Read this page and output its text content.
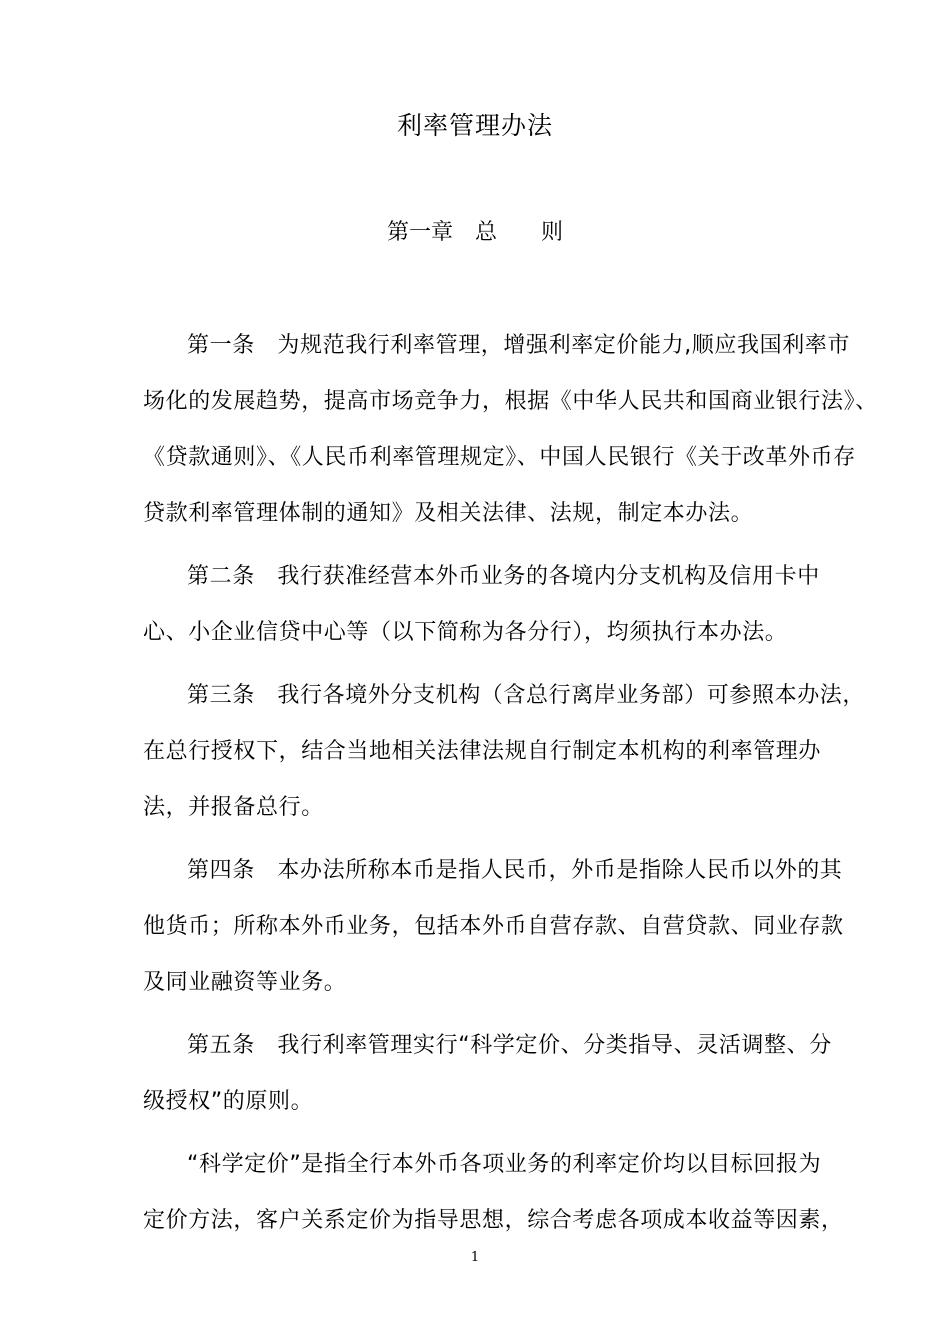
利率管理办法
第一章 总 则
第一条　为规范我行利率管理，增强利率定价能力,顺应我国利率市
场化的发展趋势，提高市场竞争力，根据《中华人民共和国商业银行法》、
《贷款通则》、《人民币利率管理规定》、中国人民银行《关于改革外币存
贷款利率管理体制的通知》及相关法律、法规，制定本办法。
第二条　我行获准经营本外币业务的各境内分支机构及信用卡中
心、小企业信贷中心等（以下简称为各分行），均须执行本办法。
第三条　我行各境外分支机构（含总行离岸业务部）可参照本办法，
在总行授权下，结合当地相关法律法规自行制定本机构的利率管理办
法，并报备总行。
第四条　本办法所称本币是指人民币，外币是指除人民币以外的其
他货币；所称本外币业务，包括本外币自营存款、自营贷款、同业存款
及同业融资等业务。
第五条　我行利率管理实行“科学定价、分类指导、灵活调整、分
级授权”的原则。
“科学定价”是指全行本外币各项业务的利率定价均以目标回报为
定价方法，客户关系定价为指导思想，综合考虑各项成本收益等因素，
1
